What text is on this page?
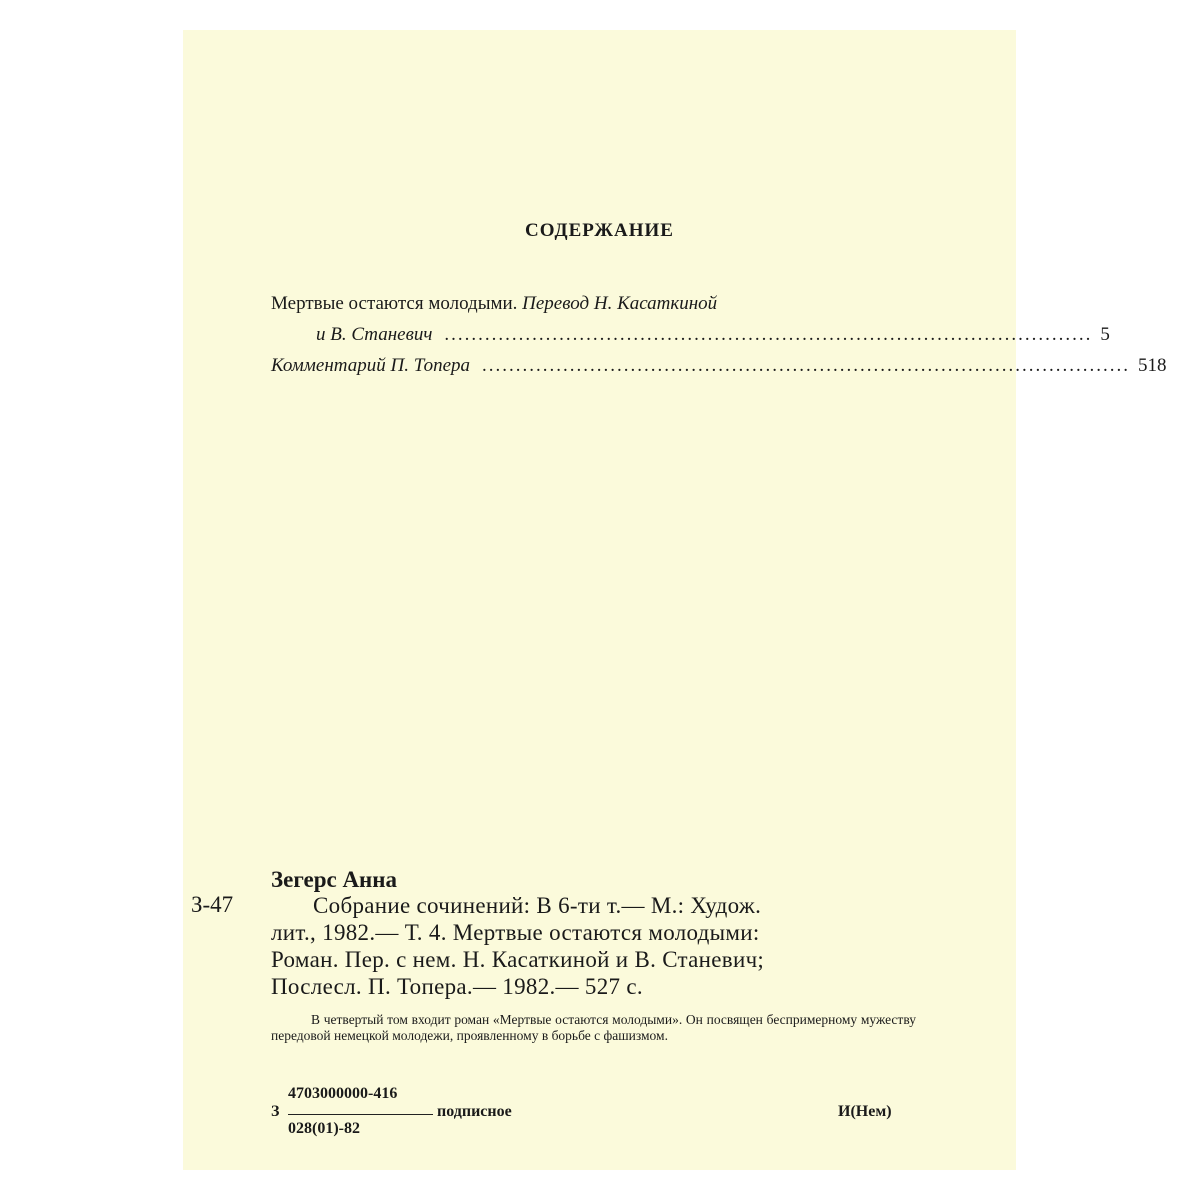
СОДЕРЖАНИЕ
Мертвые остаются молодыми.
Перевод Н. Касаткиной
и В. Станевич ................................................................................................ 5
Комментарий П. Топера ................................................................................................ 518
Зегерс Анна
З-47	Собрание сочинений: В 6-ти т.— М.: Худож.
лит., 1982.— Т. 4. Мертвые остаются молодыми:
Роман. Пер. с нем. Н. Касаткиной и В. Станевич;
Послесл. П. Топера.— 1982.— 527 с.
В четвертый том входит роман «Мертвые остаются молодыми». Он посвящен беспримерному мужеству передовой немецкой молодежи, проявленному в борьбе с фашизмом.
З
4703000000-416
028(01)-82
подписное	И(Нем)
